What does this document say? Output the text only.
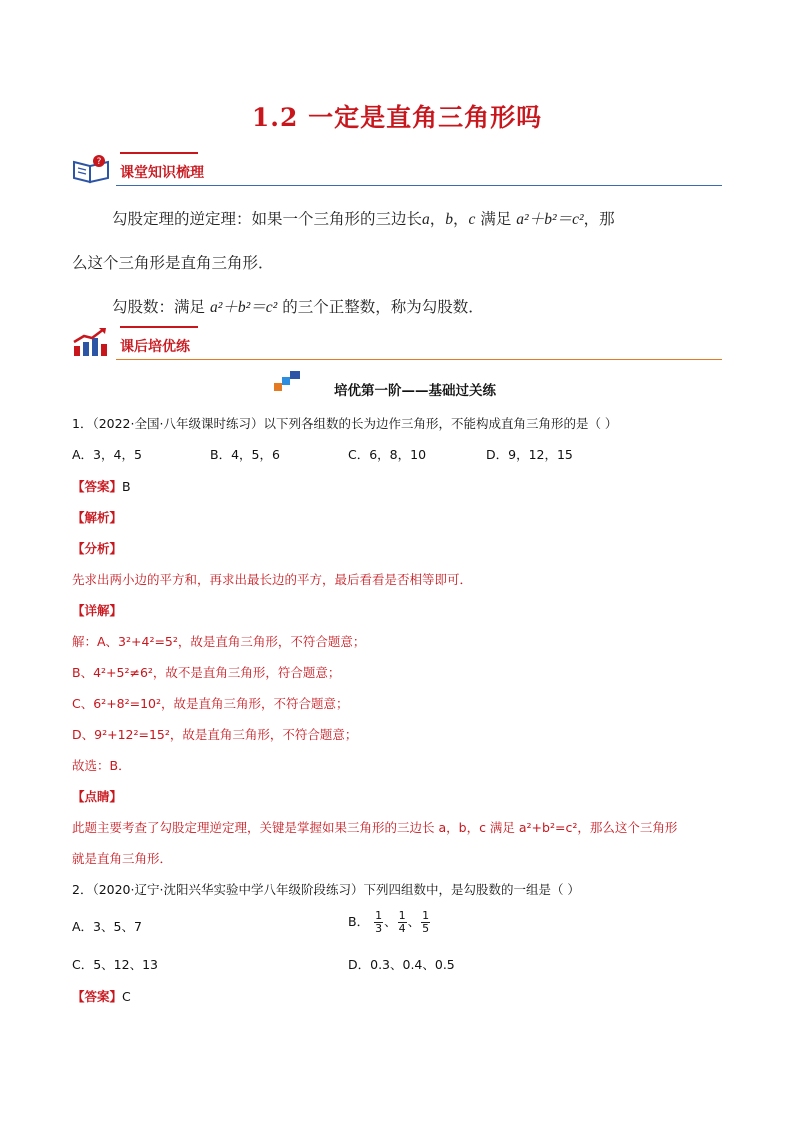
1.2 一定是直角三角形吗
?
课堂知识梳理
勾股定理的逆定理：如果一个三角形的三边长a，b，c 满足 a²＋b²＝c²，那
么这个三角形是直角三角形．
勾股数：满足 a²＋b²＝c² 的三个正整数，称为勾股数．
课后培优练
培优第一阶——基础过关练
1．（2022·全国·八年级课时练习）以下列各组数的长为边作三角形，不能构成直角三角形的是（ ）
A．3，4，5	B．4，5，6	C．6，8，10	D．9，12，15
【答案】B
【解析】
【分析】
先求出两小边的平方和，再求出最长边的平方，最后看看是否相等即可．
【详解】
解：A、3²+4²=5²，故是直角三角形，不符合题意；
B、4²+5²≠6²，故不是直角三角形，符合题意；
C、6²+8²=10²，故是直角三角形，不符合题意；
D、9²+12²=15²，故是直角三角形，不符合题意；
故选：B．
【点睛】
此题主要考查了勾股定理逆定理，关键是掌握如果三角形的三边长 a，b，c 满足 a²+b²=c²，那么这个三角形
就是直角三角形．
2．（2020·辽宁·沈阳兴华实验中学八年级阶段练习）下列四组数中，是勾股数的一组是（ ）
A．3、5、7	B． $\frac{1}{3}$ 、 $\frac{1}{4}$ 、 $\frac{1}{5}$
C．5、12、13	D．0.3、0.4、0.5
【答案】C
